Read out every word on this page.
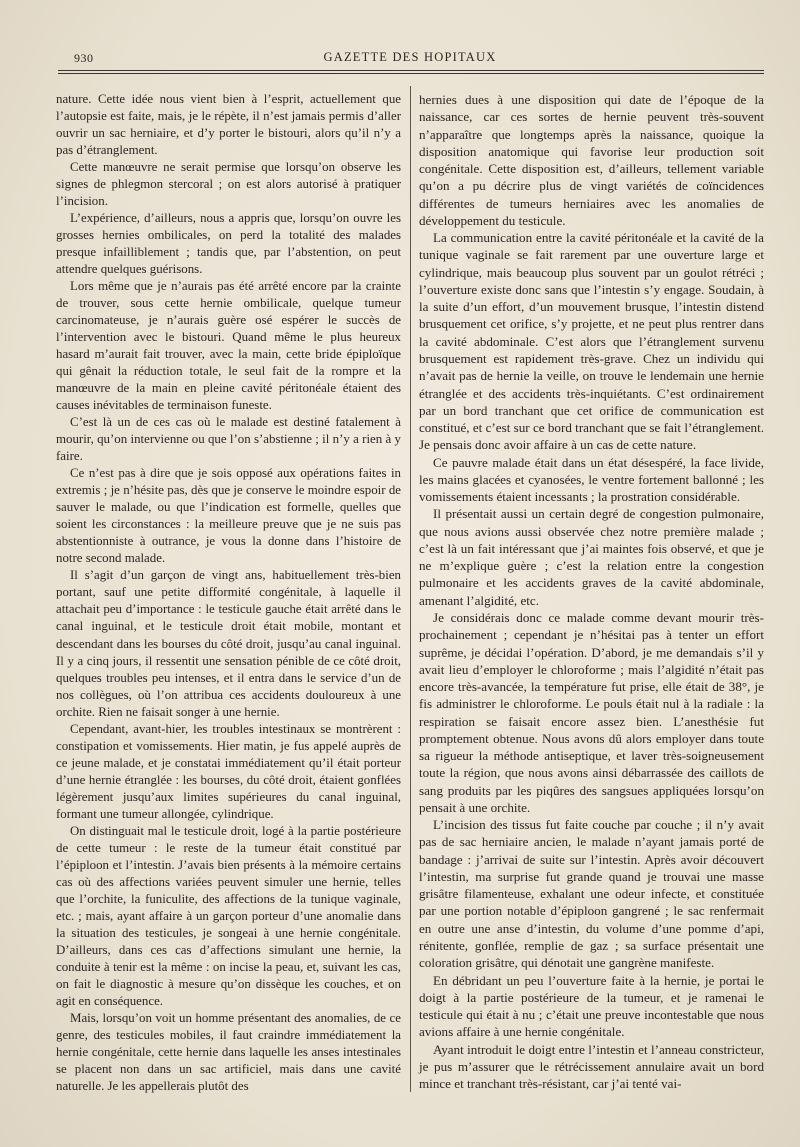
930	GAZETTE DES HOPITAUX

nature. Cette idée nous vient bien à l’esprit, actuellement que l’autopsie est faite, mais, je le répète, il n’est jamais permis d’aller ouvrir un sac herniaire, et d’y porter le bistouri, alors qu’il n’y a pas d’étranglement.

Cette manœuvre ne serait permise que lorsqu’on observe les signes de phlegmon stercoral ; on est alors autorisé à pratiquer l’incision.

L’expérience, d’ailleurs, nous a appris que, lorsqu’on ouvre les grosses hernies ombilicales, on perd la totalité des malades presque infailliblement ; tandis que, par l’abstention, on peut attendre quelques guérisons.

Lors même que je n’aurais pas été arrêté encore par la crainte de trouver, sous cette hernie ombilicale, quelque tumeur carcinomateuse, je n’aurais guère osé espérer le succès de l’intervention avec le bistouri. Quand même le plus heureux hasard m’aurait fait trouver, avec la main, cette bride épiploïque qui gênait la réduction totale, le seul fait de la rompre et la manœuvre de la main en pleine cavité péritonéale étaient des causes inévitables de terminaison funeste.

C’est là un de ces cas où le malade est destiné fatalement à mourir, qu’on intervienne ou que l’on s’abstienne ; il n’y a rien à y faire.

Ce n’est pas à dire que je sois opposé aux opérations faites in extremis ; je n’hésite pas, dès que je conserve le moindre espoir de sauver le malade, ou que l’indication est formelle, quelles que soient les circonstances : la meilleure preuve que je ne suis pas abstentionniste à outrance, je vous la donne dans l’histoire de notre second malade.

Il s’agit d’un garçon de vingt ans, habituellement très-bien portant, sauf une petite difformité congénitale, à laquelle il attachait peu d’importance : le testicule gauche était arrêté dans le canal inguinal, et le testicule droit était mobile, montant et descendant dans les bourses du côté droit, jusqu’au canal inguinal. Il y a cinq jours, il ressentit une sensation pénible de ce côté droit, quelques troubles peu intenses, et il entra dans le service d’un de nos collègues, où l’on attribua ces accidents douloureux à une orchite. Rien ne faisait songer à une hernie.

Cependant, avant-hier, les troubles intestinaux se montrèrent : constipation et vomissements. Hier matin, je fus appelé auprès de ce jeune malade, et je constatai immédiatement qu’il était porteur d’une hernie étranglée : les bourses, du côté droit, étaient gonflées légèrement jusqu’aux limites supérieures du canal inguinal, formant une tumeur allongée, cylindrique.

On distinguait mal le testicule droit, logé à la partie postérieure de cette tumeur : le reste de la tumeur était constitué par l’épiploon et l’intestin. J’avais bien présents à la mémoire certains cas où des affections variées peuvent simuler une hernie, telles que l’orchite, la funiculite, des affections de la tunique vaginale, etc. ; mais, ayant affaire à un garçon porteur d’une anomalie dans la situation des testicules, je songeai à une hernie congénitale. D’ailleurs, dans ces cas d’affections simulant une hernie, la conduite à tenir est la même : on incise la peau, et, suivant les cas, on fait le diagnostic à mesure qu’on dissèque les couches, et on agit en conséquence.

Mais, lorsqu’on voit un homme présentant des anomalies, de ce genre, des testicules mobiles, il faut craindre immédiatement la hernie congénitale, cette hernie dans laquelle les anses intestinales se placent non dans un sac artificiel, mais dans une cavité naturelle. Je les appellerais plutôt des

hernies dues à une disposition qui date de l’époque de la naissance, car ces sortes de hernie peuvent très-souvent n’apparaître que longtemps après la naissance, quoique la disposition anatomique qui favorise leur production soit congénitale. Cette disposition est, d’ailleurs, tellement variable qu’on a pu décrire plus de vingt variétés de coïncidences différentes de tumeurs herniaires avec les anomalies de développement du testicule.

La communication entre la cavité péritonéale et la cavité de la tunique vaginale se fait rarement par une ouverture large et cylindrique, mais beaucoup plus souvent par un goulot rétréci ; l’ouverture existe donc sans que l’intestin s’y engage. Soudain, à la suite d’un effort, d’un mouvement brusque, l’intestin distend brusquement cet orifice, s’y projette, et ne peut plus rentrer dans la cavité abdominale. C’est alors que l’étranglement survenu brusquement est rapidement très-grave. Chez un individu qui n’avait pas de hernie la veille, on trouve le lendemain une hernie étranglée et des accidents très-inquiétants. C’est ordinairement par un bord tranchant que cet orifice de communication est constitué, et c’est sur ce bord tranchant que se fait l’étranglement. Je pensais donc avoir affaire à un cas de cette nature.

Ce pauvre malade était dans un état désespéré, la face livide, les mains glacées et cyanosées, le ventre fortement ballonné ; les vomissements étaient incessants ; la prostration considérable.

Il présentait aussi un certain degré de congestion pulmonaire, que nous avions aussi observée chez notre première malade ; c’est là un fait intéressant que j’ai maintes fois observé, et que je ne m’explique guère ; c’est la relation entre la congestion pulmonaire et les accidents graves de la cavité abdominale, amenant l’algidité, etc.

Je considérais donc ce malade comme devant mourir très-prochainement ; cependant je n’hésitai pas à tenter un effort suprême, je décidai l’opération. D’abord, je me demandais s’il y avait lieu d’employer le chloroforme ; mais l’algidité n’était pas encore très-avancée, la température fut prise, elle était de 38°, je fis administrer le chloroforme. Le pouls était nul à la radiale : la respiration se faisait encore assez bien. L’anesthésie fut promptement obtenue. Nous avons dû alors employer dans toute sa rigueur la méthode antiseptique, et laver très-soigneusement toute la région, que nous avons ainsi débarrassée des caillots de sang produits par les piqûres des sangsues appliquées lorsqu’on pensait à une orchite.

L’incision des tissus fut faite couche par couche ; il n’y avait pas de sac herniaire ancien, le malade n’ayant jamais porté de bandage : j’arrivai de suite sur l’intestin. Après avoir découvert l’intestin, ma surprise fut grande quand je trouvai une masse grisâtre filamenteuse, exhalant une odeur infecte, et constituée par une portion notable d’épiploon gangrené ; le sac renfermait en outre une anse d’intestin, du volume d’une pomme d’api, rénitente, gonflée, remplie de gaz ; sa surface présentait une coloration grisâtre, qui dénotait une gangrène manifeste.

En débridant un peu l’ouverture faite à la hernie, je portai le doigt à la partie postérieure de la tumeur, et je ramenai le testicule qui était à nu ; c’était une preuve incontestable que nous avions affaire à une hernie congénitale.

Ayant introduit le doigt entre l’intestin et l’anneau constricteur, je pus m’assurer que le rétrécissement annulaire avait un bord mince et tranchant très-résistant, car j’ai tenté vai-
